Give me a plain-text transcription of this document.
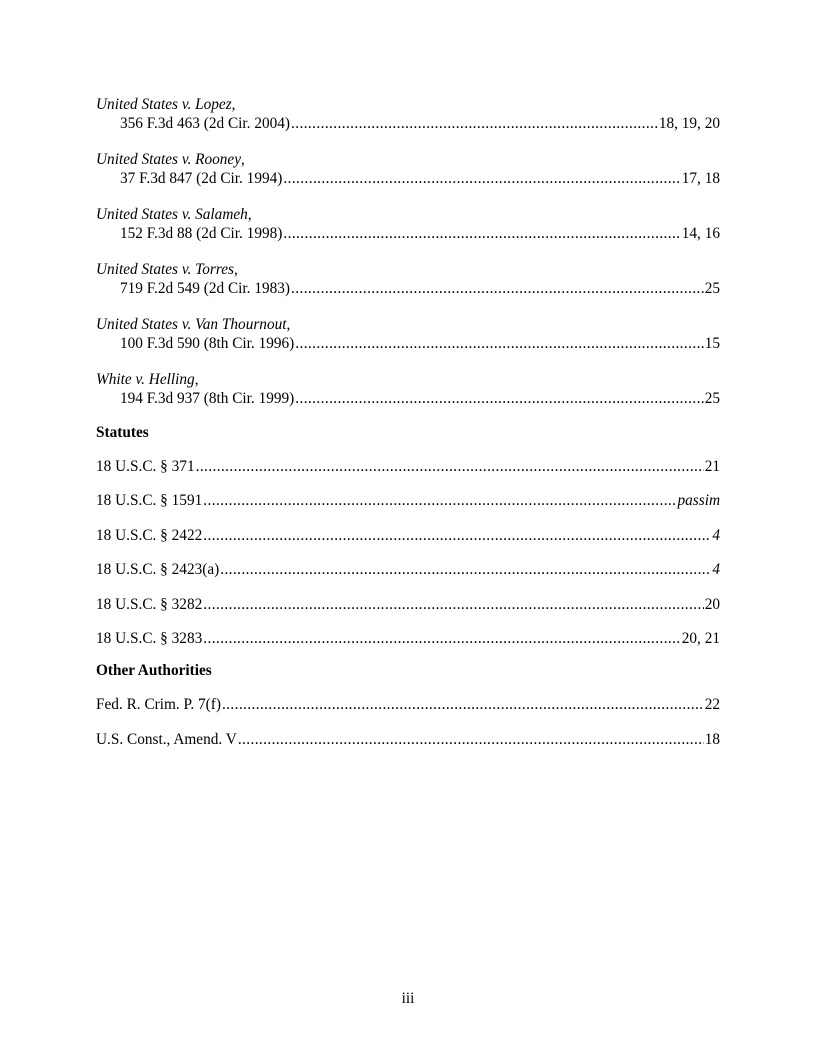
United States v. Lopez,
356 F.3d 463 (2d Cir. 2004) .....	18, 19, 20
United States v. Rooney,
37 F.3d 847 (2d Cir. 1994) .....	17, 18
United States v. Salameh,
152 F.3d 88 (2d Cir. 1998) .....	14, 16
United States v. Torres,
719 F.2d 549 (2d Cir. 1983) .....	25
United States v. Van Thournout,
100 F.3d 590 (8th Cir. 1996) .....	15
White v. Helling,
194 F.3d 937 (8th Cir. 1999) .....	25
Statutes
18 U.S.C. § 371 .....	21
18 U.S.C. § 1591 .....	passim
18 U.S.C. § 2422 .....	4
18 U.S.C. § 2423(a) .....	4
18 U.S.C. § 3282 .....	20
18 U.S.C. § 3283 .....	20, 21
Other Authorities
Fed. R. Crim. P. 7(f) .....	22
U.S. Const., Amend. V .....	18
iii
